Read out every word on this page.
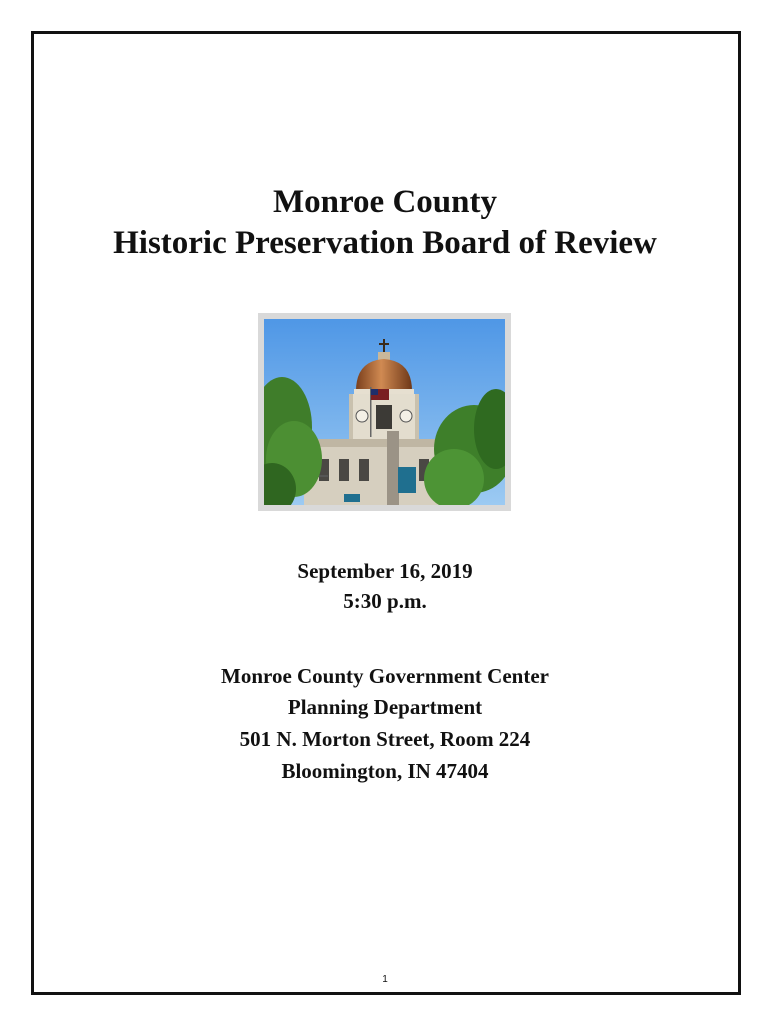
Monroe County
Historic Preservation Board of Review
September 16, 2019
5:30 p.m.
Monroe County Government Center
Planning Department
501 N. Morton Street, Room 224
Bloomington, IN 47404
1
